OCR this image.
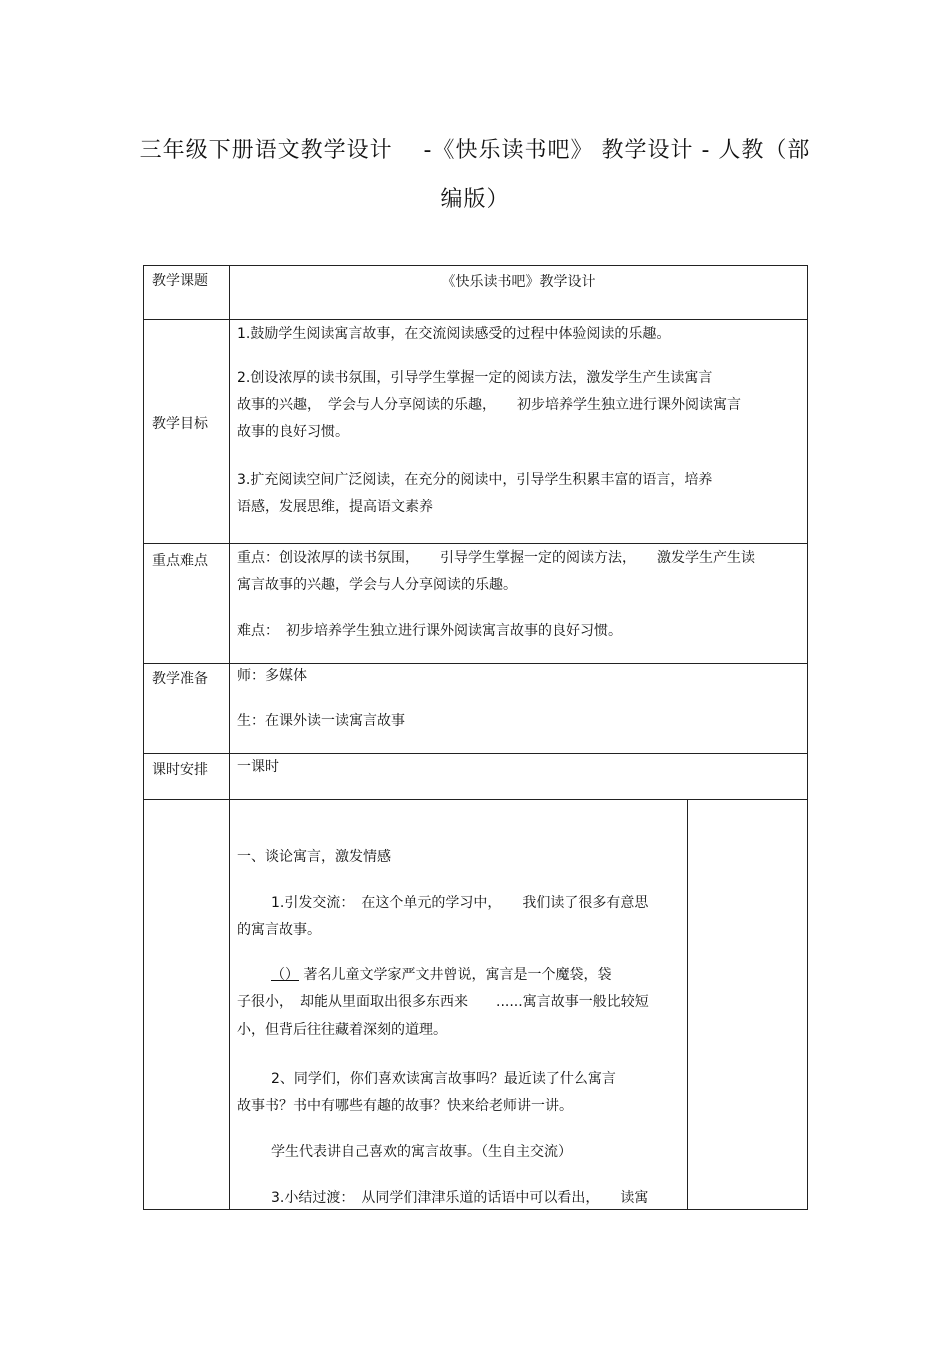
三年级下册语文教学设计　 -《快乐读书吧》 教学设计 - 人教（部
编版）
教学课题	《快乐读书吧》教学设计
教学目标
1.鼓励学生阅读寓言故事，在交流阅读感受的过程中体验阅读的乐趣。
2.创设浓厚的读书氛围，引导学生掌握一定的阅读方法，激发学生产生读寓言
故事的兴趣，　学会与人分享阅读的乐趣，　　初步培养学生独立进行课外阅读寓言
故事的良好习惯。
3.扩充阅读空间广泛阅读，在充分的阅读中，引导学生积累丰富的语言，培养
语感，发展思维，提高语文素养
重点难点 重点：创设浓厚的读书氛围，　　引导学生掌握一定的阅读方法，　　激发学生产生读
寓言故事的兴趣，学会与人分享阅读的乐趣。
难点：　初步培养学生独立进行课外阅读寓言故事的良好习惯。
教学准备 师：多媒体
生：在课外读一读寓言故事
课时安排 一课时
一、谈论寓言，激发情感
1.引发交流：　在这个单元的学习中，　　我们读了很多有意思
的寓言故事。
（） 著名儿童文学家严文井曾说，寓言是一个魔袋，袋
子很小，　却能从里面取出很多东西来　　......寓言故事一般比较短
小，但背后往往藏着深刻的道理。
2、同学们，你们喜欢读寓言故事吗？最近读了什么寓言
故事书？书中有哪些有趣的故事？快来给老师讲一讲。
学生代表讲自己喜欢的寓言故事。（生自主交流）
3.小结过渡：　从同学们津津乐道的话语中可以看出，　　读寓
